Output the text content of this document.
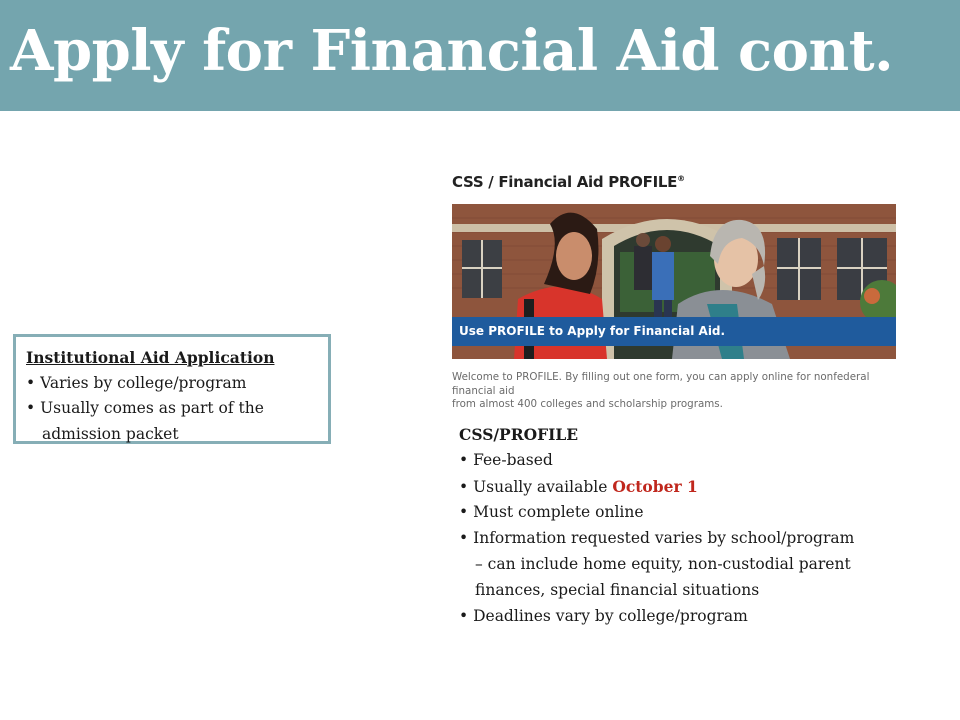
Apply for Financial Aid cont.
Institutional Aid Application
• Varies by college/program
• Usually comes as part of the
admission packet
CSS / Financial Aid PROFILE®
Use PROFILE to Apply for Financial Aid.
Welcome to PROFILE. By filling out one form, you can apply online for nonfederal financial aid
from almost 400 colleges and scholarship programs.
CSS/PROFILE
• Fee-based
• Usually available October 1
• Must complete online
• Information requested varies by school/program
– can include home equity, non-custodial parent
finances, special financial situations
• Deadlines vary by college/program
